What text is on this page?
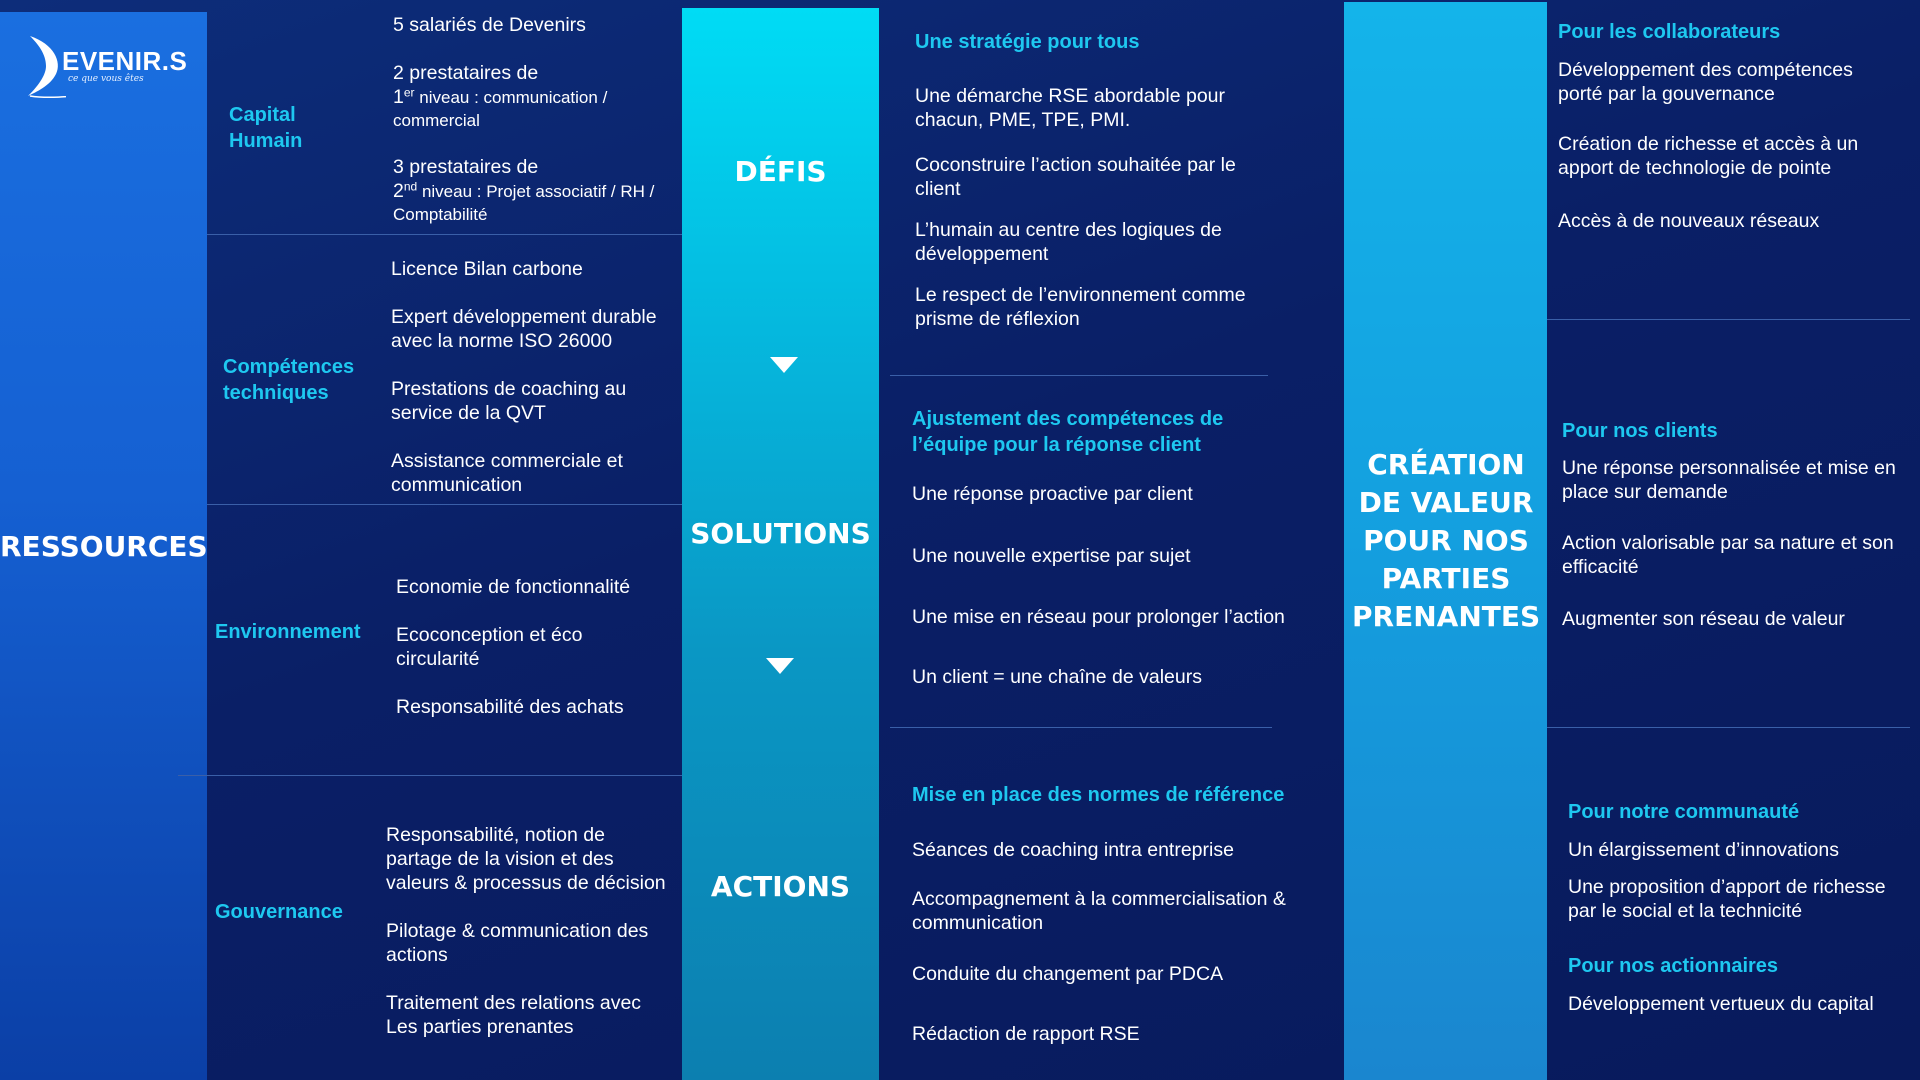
EVENIR.S
ce que vous êtes
RESSOURCES
Capital Humain
5 salariés de Devenirs
2 prestataires de
1er niveau : communication / commercial
3 prestataires de
2nd niveau : Projet associatif / RH / Comptabilité
Compétences techniques
Licence Bilan carbone
Expert développement durable avec la norme ISO 26000
Prestations de coaching au service de la QVT
Assistance commerciale et communication
Environnement
Economie de fonctionnalité
Ecoconception et éco circularité
Responsabilité des achats
Gouvernance
Responsabilité, notion de partage de la vision et des valeurs & processus de décision
Pilotage & communication des actions
Traitement des relations avec Les parties prenantes
DÉFIS
SOLUTIONS
ACTIONS
Une stratégie pour tous
Une démarche RSE abordable pour chacun, PME, TPE, PMI.
Coconstruire l’action souhaitée par le client
L’humain au centre des logiques de développement
Le respect de l’environnement comme prisme de réflexion
Ajustement des compétences de l’équipe pour la réponse client
Une réponse proactive par client
Une nouvelle expertise par sujet
Une mise en réseau pour prolonger l’action
Un client = une chaîne de valeurs
Mise en place des normes de référence
Séances de coaching intra entreprise
Accompagnement à la commercialisation & communication
Conduite du changement par PDCA
Rédaction de rapport RSE
CRÉATION DE VALEUR POUR NOS PARTIES PRENANTES
Pour les collaborateurs
Développement des compétences porté par la gouvernance
Création de richesse et accès à un apport de technologie de pointe
Accès à de nouveaux réseaux
Pour nos clients
Une réponse personnalisée et mise en place sur demande
Action valorisable par sa nature et son efficacité
Augmenter son réseau de valeur
Pour notre communauté
Un élargissement d’innovations
Une proposition d’apport de richesse par le social et la technicité
Pour nos actionnaires
Développement vertueux du capital
